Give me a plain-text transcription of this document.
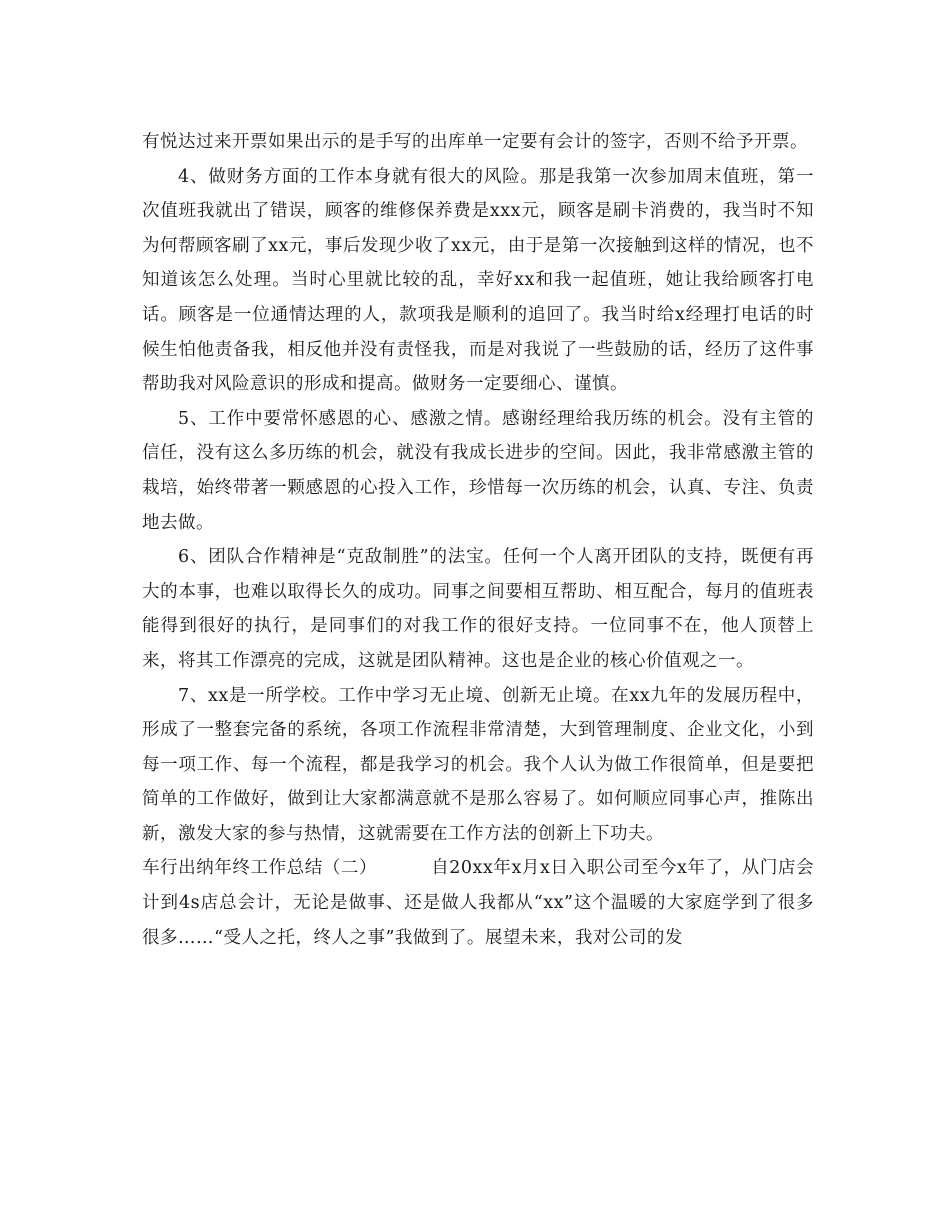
有悦达过来开票如果出示的是手写的出库单一定要有会计的签字，否则不给予开票。

4、做财务方面的工作本身就有很大的风险。那是我第一次参加周末值班，第一次值班我就出了错误，顾客的维修保养费是xxx元，顾客是刷卡消费的，我当时不知为何帮顾客刷了xx元，事后发现少收了xx元，由于是第一次接触到这样的情况，也不知道该怎么处理。当时心里就比较的乱，幸好xx和我一起值班，她让我给顾客打电话。顾客是一位通情达理的人，款项我是顺利的追回了。我当时给x经理打电话的时候生怕他责备我，相反他并没有责怪我，而是对我说了一些鼓励的话，经历了这件事帮助我对风险意识的形成和提高。做财务一定要细心、谨慎。

5、工作中要常怀感恩的心、感激之情。感谢经理给我历练的机会。没有主管的信任，没有这么多历练的机会，就没有我成长进步的空间。因此，我非常感激主管的栽培，始终带著一颗感恩的心投入工作，珍惜每一次历练的机会，认真、专注、负责地去做。

6、团队合作精神是“克敌制胜”的法宝。任何一个人离开团队的支持，既便有再大的本事，也难以取得长久的成功。同事之间要相互帮助、相互配合，每月的值班表能得到很好的执行，是同事们的对我工作的很好支持。一位同事不在，他人顶替上来，将其工作漂亮的完成，这就是团队精神。这也是企业的核心价值观之一。

7、xx是一所学校。工作中学习无止境、创新无止境。在xx九年的发展历程中，形成了一整套完备的系统，各项工作流程非常清楚，大到管理制度、企业文化，小到每一项工作、每一个流程，都是我学习的机会。我个人认为做工作很简单，但是要把简单的工作做好，做到让大家都满意就不是那么容易了。如何顺应同事心声，推陈出新，激发大家的参与热情，这就需要在工作方法的创新上下功夫。

车行出纳年终工作总结（二）	自20xx年x月x日入职公司至今x年了，从门店会计到4s店总会计，无论是做事、还是做人我都从“xx”这个温暖的大家庭学到了很多很多……“受人之托，终人之事”我做到了。展望未来，我对公司的发
